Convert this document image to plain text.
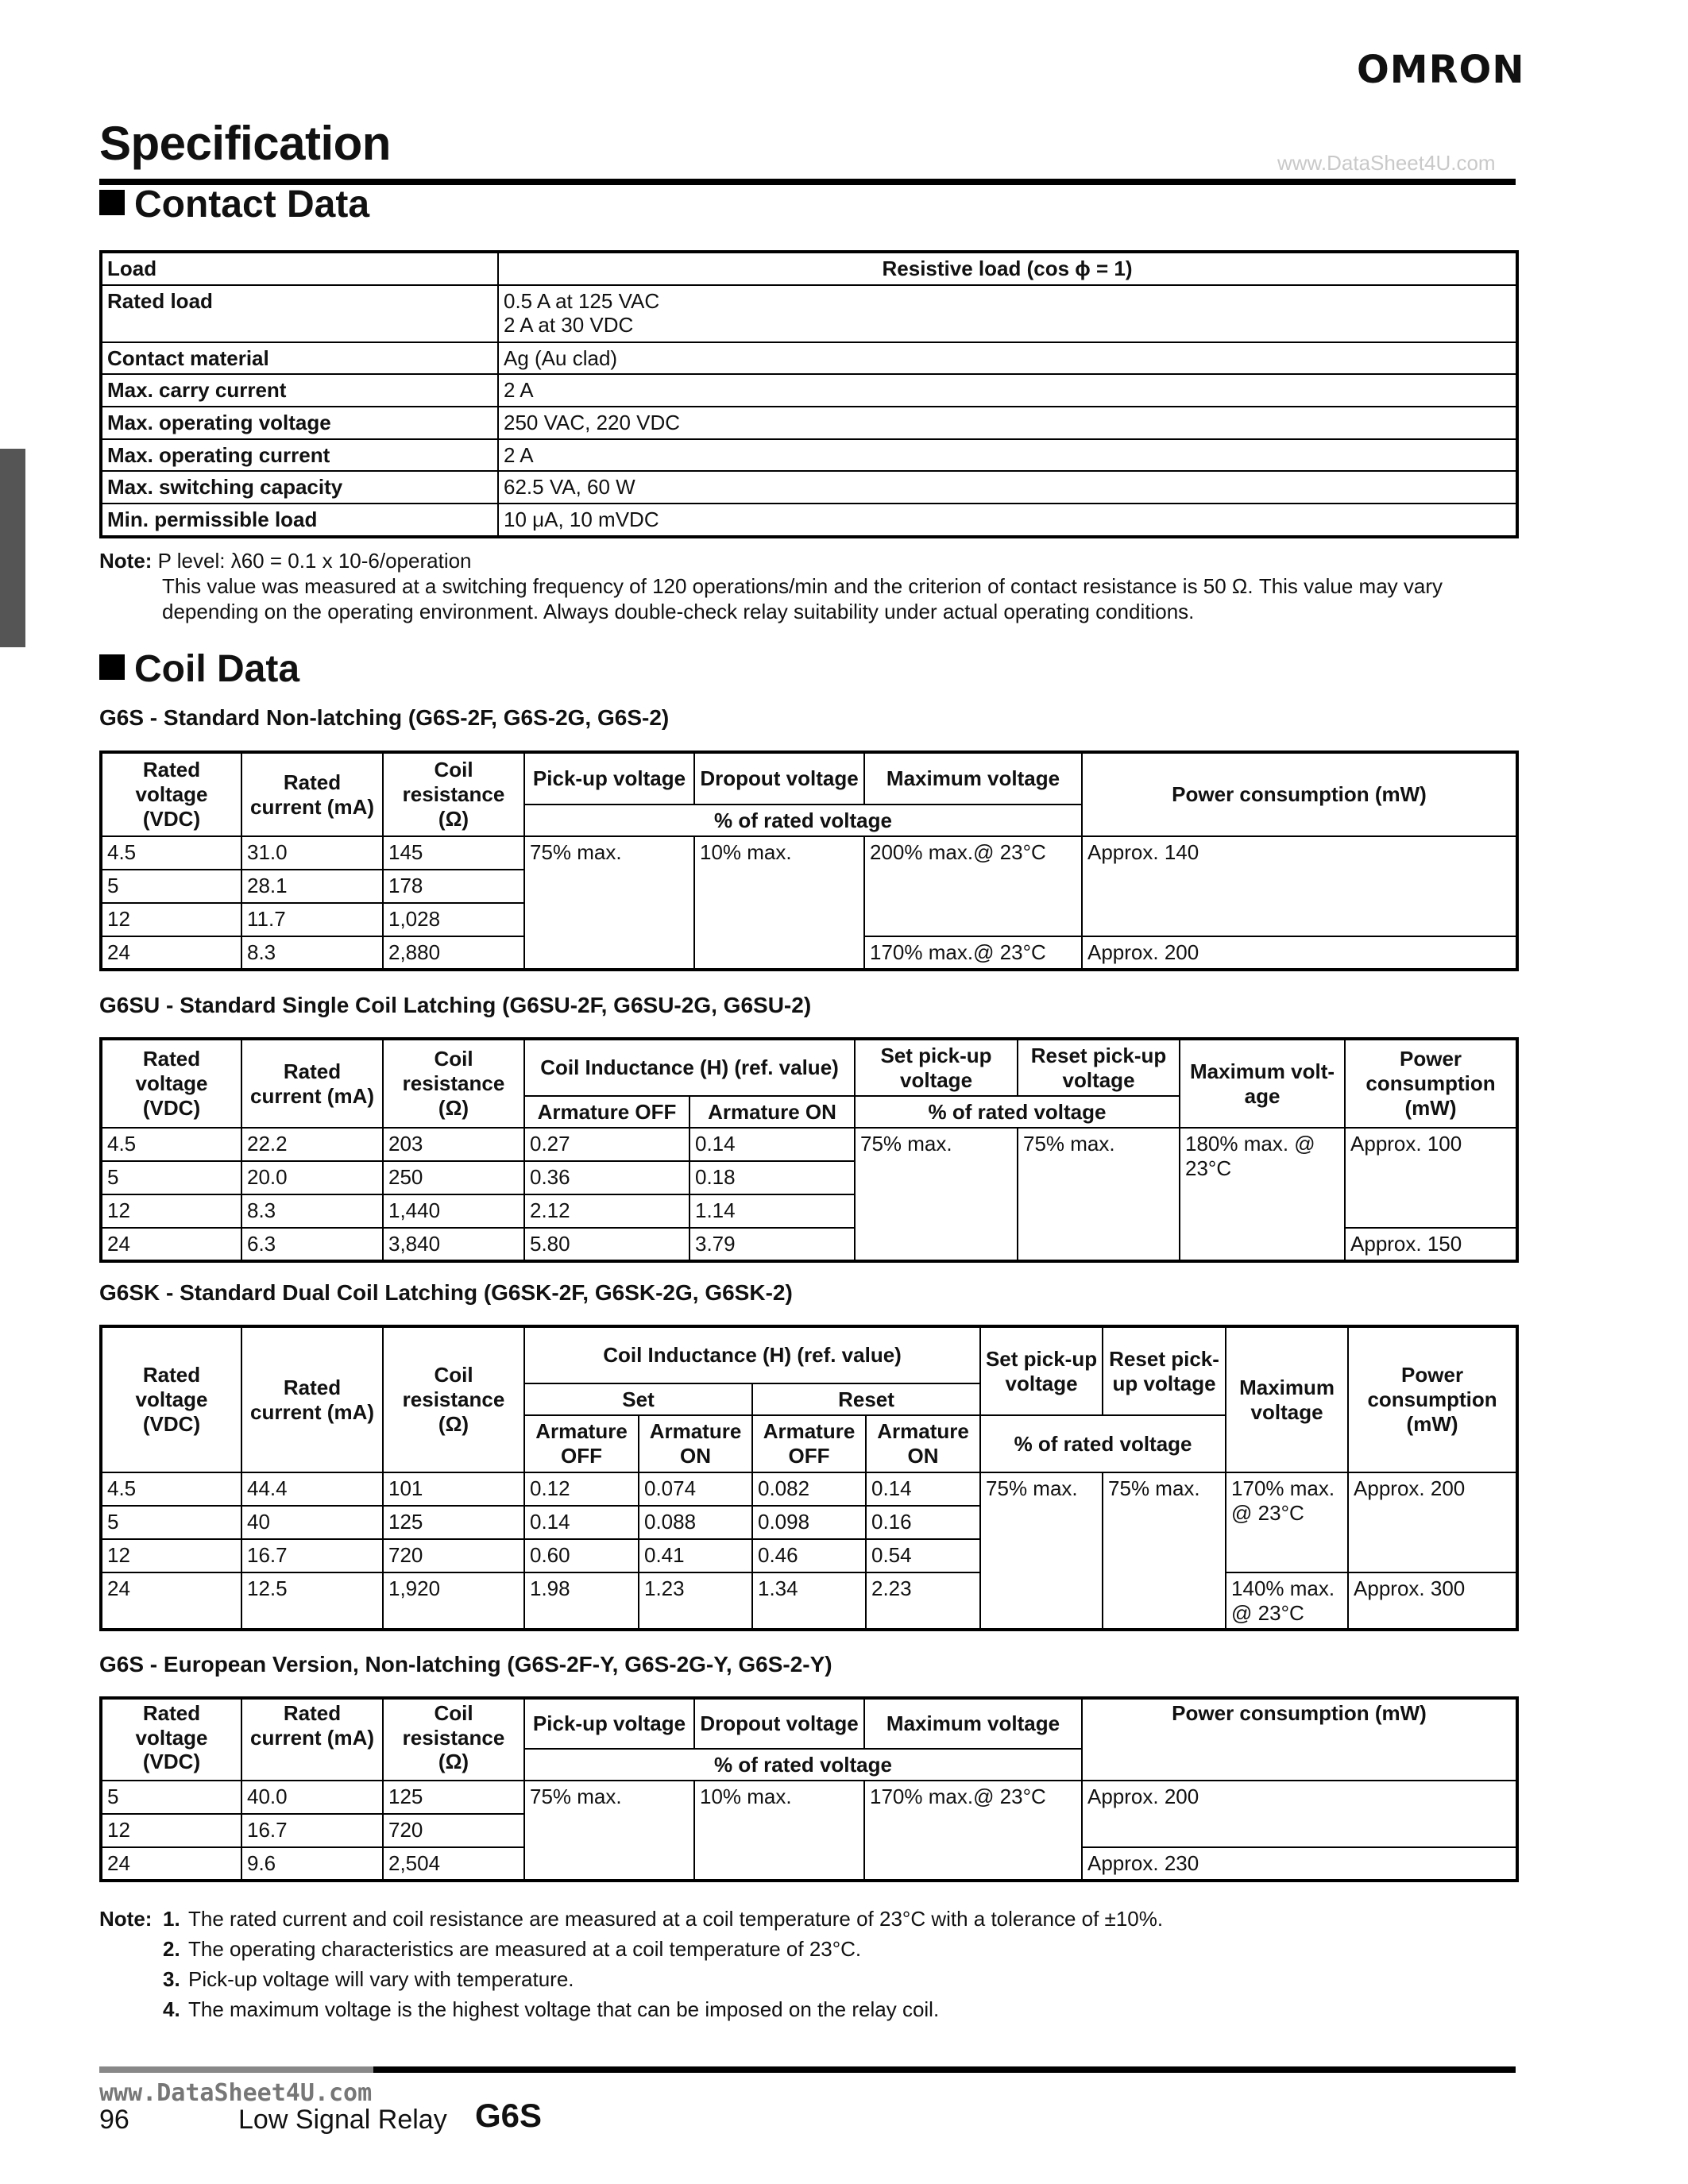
OMRON
www.DataSheet4U.com
Specification
Contact Data
Load	Resistive load (cos ϕ = 1)
Rated load	0.5 A at 125 VAC
2 A at 30 VDC

Contact material	Ag (Au clad)
Max. carry current	2 A
Max. operating voltage	250 VAC, 220 VDC
Max. operating current	2 A
Max. switching capacity	62.5 VA, 60 W
Min. permissible load	10 μA, 10 mVDC
Note: P level: λ60 = 0.1 x 10-6/operation
This value was measured at a switching frequency of 120 operations/min and the criterion of contact resistance is 50 Ω. This value may vary
depending on the operating environment. Always double-check relay suitability under actual operating conditions.
Coil Data
G6S - Standard Non-latching (G6S-2F, G6S-2G, G6S-2)
Rated voltage (VDC)	Rated current (mA)	Coil resistance (Ω)	Pick-up voltage	Dropout voltage	Maximum voltage	Power consumption (mW)
			% of rated voltage			
4.5	31.0	145	75% max.	10% max.	200% max.@ 23°C	Approx. 140
5	28.1	178				
12	11.7	1,028				
24	8.3	2,880			170% max.@ 23°C	Approx. 200
G6SU - Standard Single Coil Latching (G6SU-2F, G6SU-2G, G6SU-2)
Rated voltage (VDC)	Rated current (mA)	Coil resistance (Ω)	Coil Inductance (H) (ref. value)		Set pick-up voltage	Reset pick-up voltage	Maximum volt-age	Power consumption (mW)
			Armature OFF	Armature ON	% of rated voltage			
4.5	22.2	203	0.27	0.14	75% max.	75% max.	180% max. @ 23°C	Approx. 100
5	20.0	250	0.36	0.18				
12	8.3	1,440	2.12	1.14				
24	6.3	3,840	5.80	3.79				Approx. 150
G6SK - Standard Dual Coil Latching (G6SK-2F, G6SK-2G, G6SK-2)
Rated voltage (VDC)	Rated current (mA)	Coil resistance (Ω)	Coil Inductance (H) (ref. value)				Set pick-up voltage	Reset pick-up voltage	Maximum voltage	Power consumption (mW)
			Set		Reset					
			Armature OFF	Armature ON	Armature OFF	Armature ON	% of rated voltage			
4.5	44.4	101	0.12	0.074	0.082	0.14	75% max.	75% max.	170% max. @ 23°C	Approx. 200
5	40	125	0.14	0.088	0.098	0.16				
12	16.7	720	0.60	0.41	0.46	0.54				
24	12.5	1,920	1.98	1.23	1.34	2.23			140% max. @ 23°C	Approx. 300
G6S - European Version, Non-latching (G6S-2F-Y, G6S-2G-Y, G6S-2-Y)
Rated voltage (VDC)	Rated current (mA)	Coil resistance (Ω)	Pick-up voltage	Dropout voltage	Maximum voltage	Power consumption (mW)
			% of rated voltage			
5	40.0	125	75% max.	10% max.	170% max.@ 23°C	Approx. 200
12	16.7	720				
24	9.6	2,504				Approx. 230
Note: 1. The rated current and coil resistance are measured at a coil temperature of 23°C with a tolerance of ±10%.
2. The operating characteristics are measured at a coil temperature of 23°C.
3. Pick-up voltage will vary with temperature.
4. The maximum voltage is the highest voltage that can be imposed on the relay coil.
www.DataSheet4U.com
96	Low Signal Relay G6S
